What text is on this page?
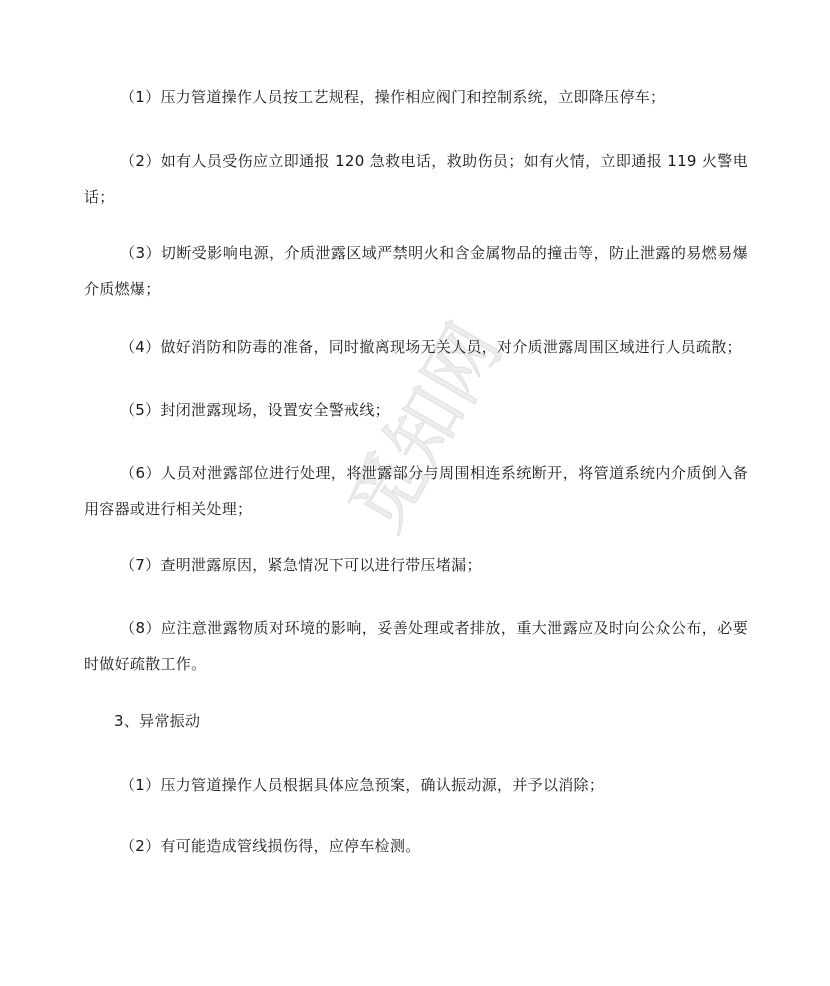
觅知网

（1）压力管道操作人员按工艺规程，操作相应阀门和控制系统，立即降压停车；

（2）如有人员受伤应立即通报 120 急救电话，救助伤员；如有火情，立即通报 119 火警电话；

（3）切断受影响电源，介质泄露区域严禁明火和含金属物品的撞击等，防止泄露的易燃易爆介质燃爆；

（4）做好消防和防毒的准备，同时撤离现场无关人员，对介质泄露周围区域进行人员疏散；

（5）封闭泄露现场，设置安全警戒线；

（6）人员对泄露部位进行处理，将泄露部分与周围相连系统断开，将管道系统内介质倒入备用容器或进行相关处理；

（7）查明泄露原因，紧急情况下可以进行带压堵漏；

（8）应注意泄露物质对环境的影响，妥善处理或者排放，重大泄露应及时向公众公布，必要时做好疏散工作。

3、异常振动

（1）压力管道操作人员根据具体应急预案，确认振动源，并予以消除；

（2）有可能造成管线损伤得，应停车检测。
